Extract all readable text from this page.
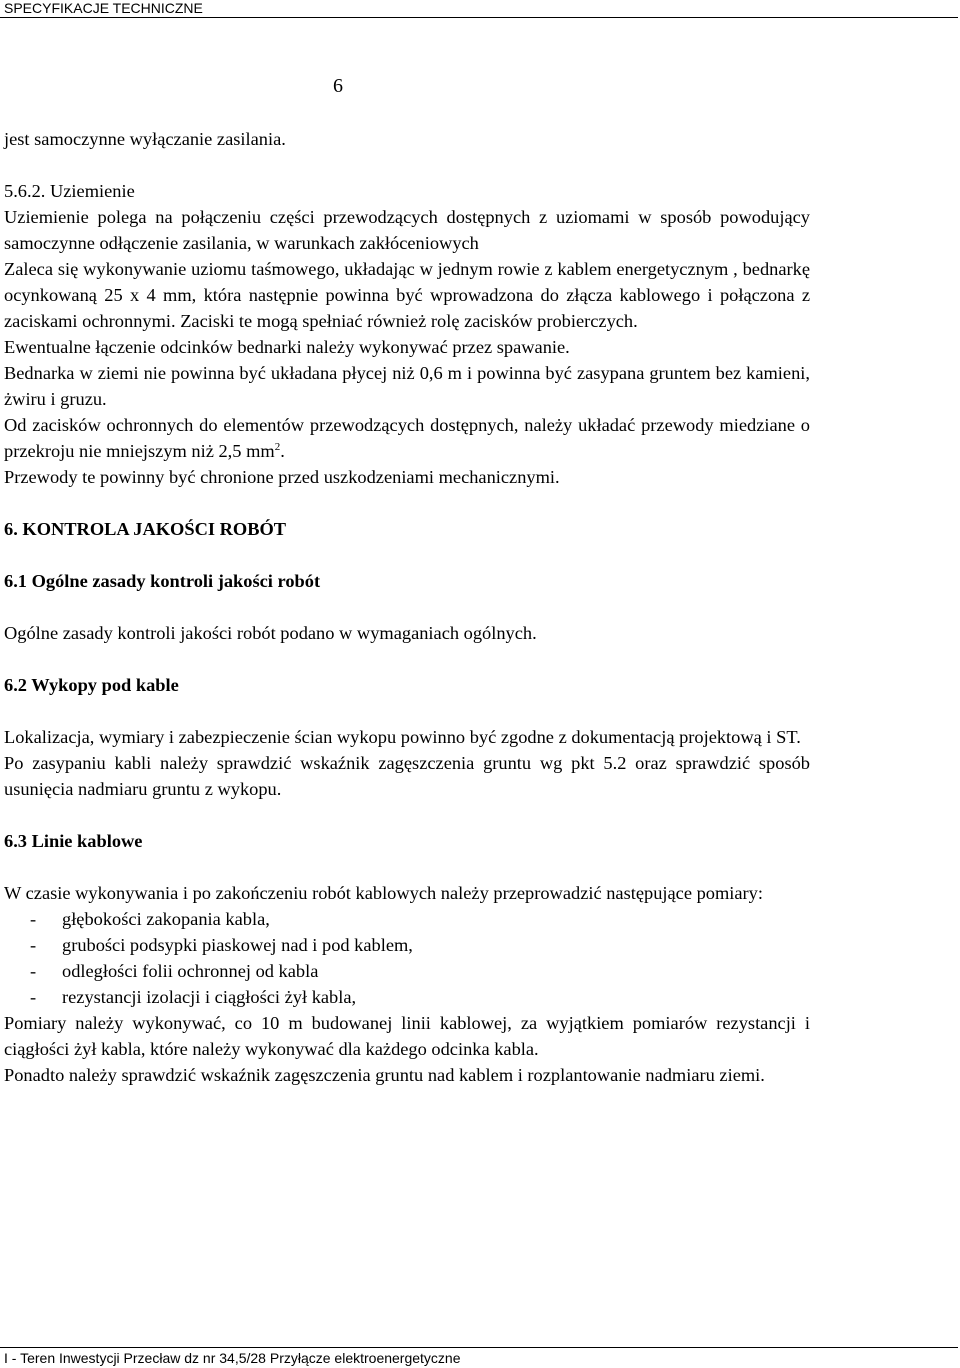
SPECYFIKACJE TECHNICZNE
6

jest samoczynne wyłączanie zasilania.

5.6.2. Uziemienie

Uziemienie polega na połączeniu części przewodzących dostępnych z uziomami w sposób powodujący samoczynne odłączenie zasilania, w warunkach zakłóceniowych

Zaleca się wykonywanie uziomu taśmowego, układając w jednym rowie z kablem energetycznym , bednarkę ocynkowaną 25 x 4 mm, która następnie powinna być wprowadzona do złącza kablowego i połączona z zaciskami ochronnymi. Zaciski te mogą spełniać również rolę zacisków probierczych.

Ewentualne łączenie odcinków bednarki należy wykonywać przez spawanie.

Bednarka w ziemi nie powinna być układana płycej niż 0,6 m i powinna być zasypana gruntem bez kamieni, żwiru i gruzu.

Od zacisków ochronnych do elementów przewodzących dostępnych, należy układać przewody miedziane o przekroju nie mniejszym niż 2,5 $mm^2$.

Przewody te powinny być chronione przed uszkodzeniami mechanicznymi.

6. KONTROLA JAKOŚCI ROBÓT

6.1 Ogólne zasady kontroli jakości robót

Ogólne zasady kontroli jakości robót podano w wymaganiach ogólnych.

6.2 Wykopy pod kable

Lokalizacja, wymiary i zabezpieczenie ścian wykopu powinno być zgodne z dokumentacją projektową i ST.

Po zasypaniu kabli należy sprawdzić wskaźnik zagęszczenia gruntu wg pkt 5.2 oraz sprawdzić sposób usunięcia nadmiaru gruntu z wykopu.

6.3 Linie kablowe

W czasie wykonywania i po zakończeniu robót kablowych należy przeprowadzić następujące pomiary:

- głębokości zakopania kabla,
- grubości podsypki piaskowej nad i pod kablem,
- odległości folii ochronnej od kabla
- rezystancji izolacji i ciągłości żył kabla,

Pomiary należy wykonywać, co 10 m budowanej linii kablowej, za wyjątkiem pomiarów rezystancji i ciągłości żył kabla, które należy wykonywać dla każdego odcinka kabla.

Ponadto należy sprawdzić wskaźnik zagęszczenia gruntu nad kablem i rozplantowanie nadmiaru ziemi.

I - Teren Inwestycji Przecław dz nr 34,5/28 Przyłącze elektroenergetyczne
